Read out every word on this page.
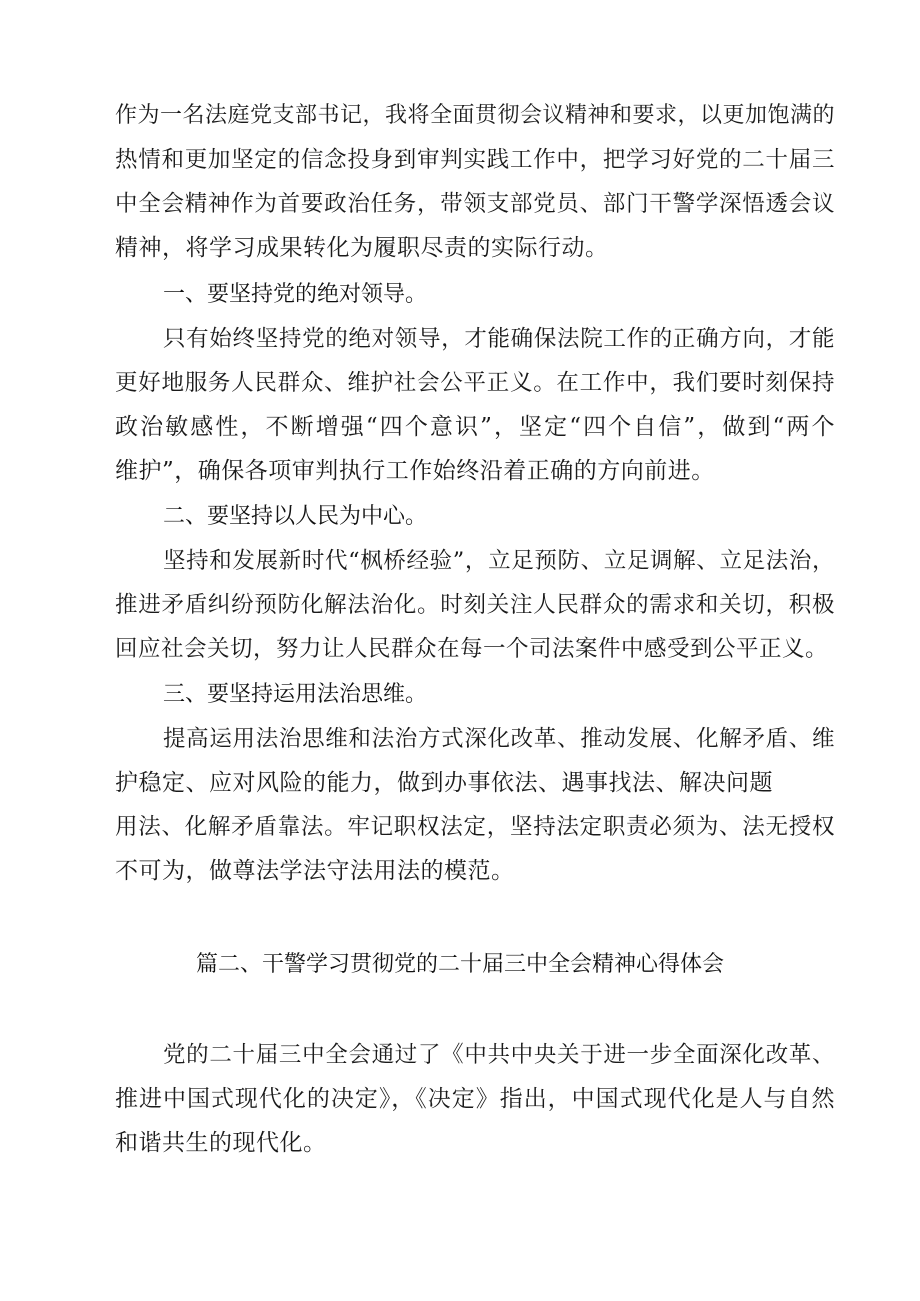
作为一名法庭党支部书记，我将全面贯彻会议精神和要求，以更加饱满的
热情和更加坚定的信念投身到审判实践工作中，把学习好党的二十届三
中全会精神作为首要政治任务，带领支部党员、部门干警学深悟透会议
精神，将学习成果转化为履职尽责的实际行动。
一、要坚持党的绝对领导。
只有始终坚持党的绝对领导，才能确保法院工作的正确方向，才能
更好地服务人民群众、维护社会公平正义。在工作中，我们要时刻保持
政治敏感性，不断增强“四个意识”，坚定“四个自信”，做到“两个
维护”，确保各项审判执行工作始终沿着正确的方向前进。
二、要坚持以人民为中心。
坚持和发展新时代“枫桥经验”，立足预防、立足调解、立足法治，
推进矛盾纠纷预防化解法治化。时刻关注人民群众的需求和关切，积极
回应社会关切，努力让人民群众在每一个司法案件中感受到公平正义。
三、要坚持运用法治思维。
提高运用法治思维和法治方式深化改革、推动发展、化解矛盾、维
护稳定、应对风险的能力，做到办事依法、遇事找法、解决问题
用法、化解矛盾靠法。牢记职权法定，坚持法定职责必须为、法无授权
不可为，做尊法学法守法用法的模范。
篇二、干警学习贯彻党的二十届三中全会精神心得体会
党的二十届三中全会通过了《中共中央关于进一步全面深化改革、
推进中国式现代化的决定》，《决定》指出，中国式现代化是人与自然
和谐共生的现代化。
